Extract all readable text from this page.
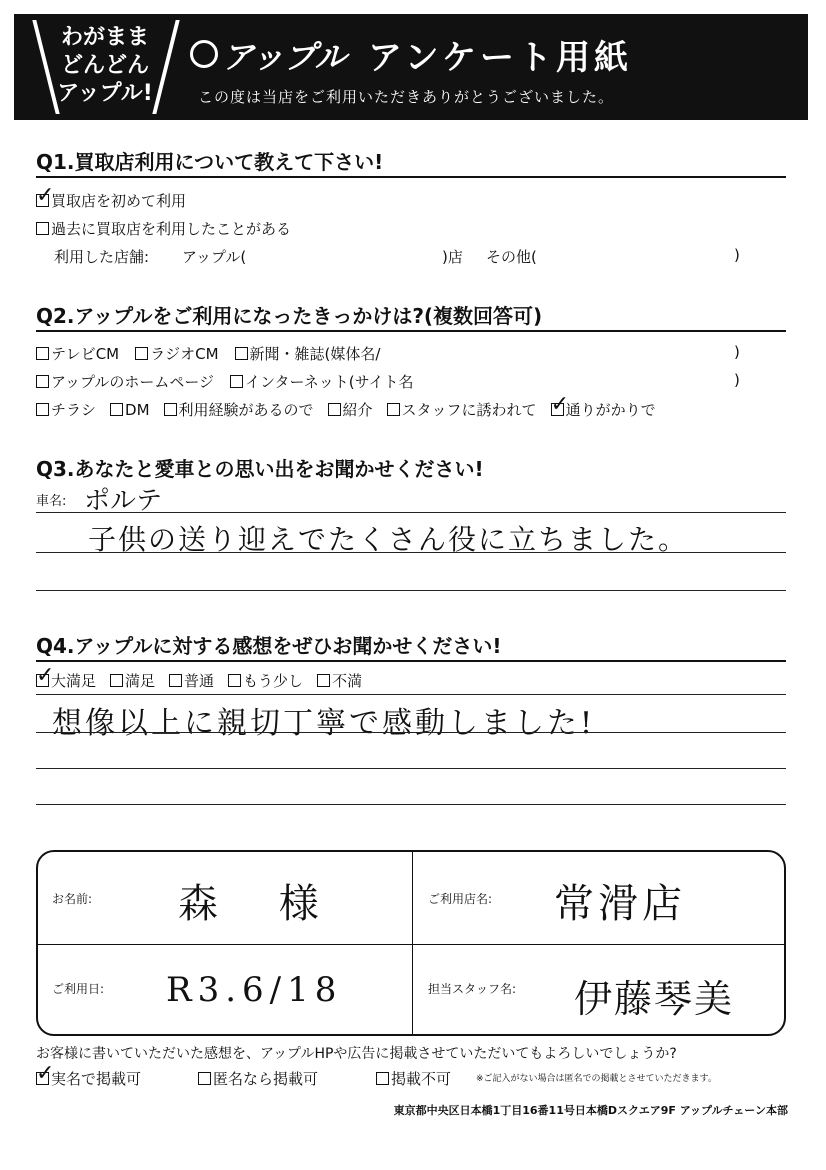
わがまま
どんどん
アップル!
アップル アンケート用紙
この度は当店をご利用いただきありがとうございました。
Q1.買取店利用について教えて下さい!
✓買取店を初めて利用
過去に買取店を利用したことがある
利用した店舗: アップル(	)店 その他(	)
Q2.アップルをご利用になったきっかけは?(複数回答可)
テレビCM ラジオCM 新聞・雑誌(媒体名/	)
アップルのホームページ インターネット(サイト名	)
チラシ DM 利用経験があるので 紹介 スタッフに誘われて✓ 通りがかりで
Q3.あなたと愛車との思い出をお聞かせください!
車名: ポルテ
子供の送り迎えでたくさん役に立ちました。
Q4.アップルに対する感想をぜひお聞かせください!
✓大満足 満足 普通 もう少し 不満
想像以上に親切丁寧で感動しました!
お名前: 森 様	ご利用店名: 常滑店
ご利用日: R3.6/18	担当スタッフ名: 伊藤琴美
お客様に書いていただいた感想を、アップルHPや広告に掲載させていただいてもよろしいでしょうか?
✓実名で掲載可	匿名なら掲載可	掲載不可	※ご記入がない場合は匿名での掲載とさせていただきます。
東京都中央区日本橋1丁目16番11号日本橋Dスクエア9F アップルチェーン本部
